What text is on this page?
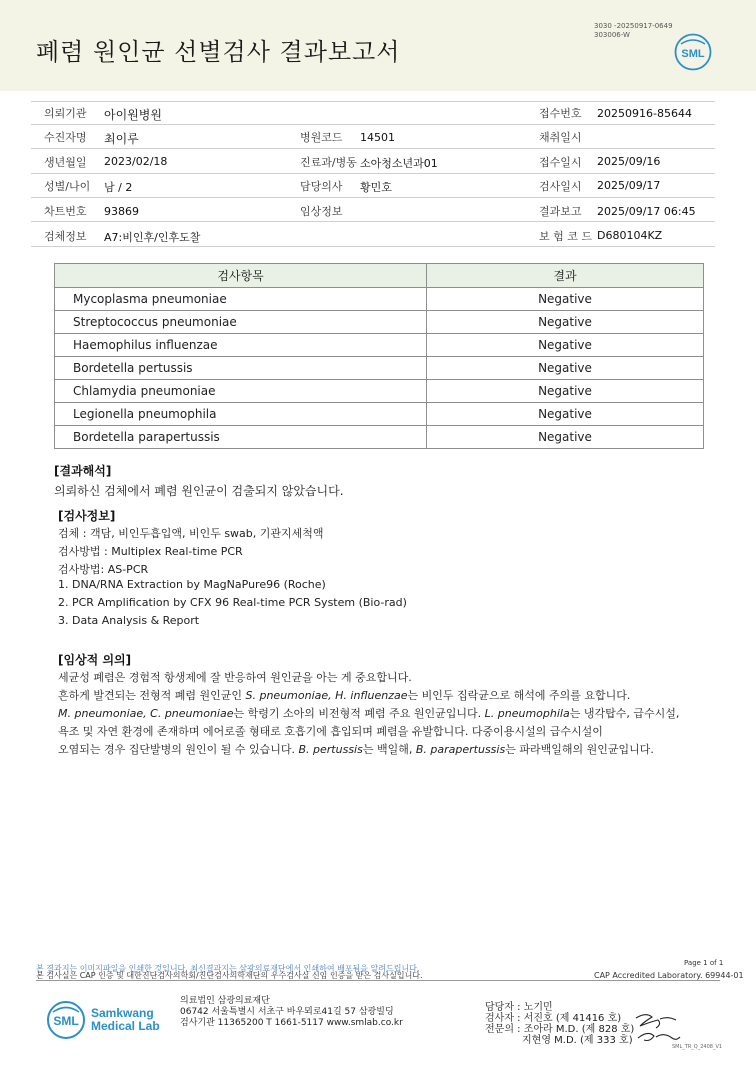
폐렴 원인균 선별검사 결과보고서
3030 -20250917-0649
303006-W
SML
의뢰기관 아이원병원	접수번호 20250916-85644
수진자명 최이루	병원코드 14501	채취일시
생년월일 2023/02/18	진료과/병동 소아청소년과01	접수일시 2025/09/16
성별/나이 남 / 2	담당의사 황민호	검사일시 2025/09/17
차트번호 93869	임상정보	결과보고 2025/09/17 06:45
검체정보 A7:비인후/인후도찰	보 험 코 드 D680104KZ
검사항목	결과
Mycoplasma pneumoniae	Negative
Streptococcus pneumoniae	Negative
Haemophilus influenzae	Negative
Bordetella pertussis	Negative
Chlamydia pneumoniae	Negative
Legionella pneumophila	Negative
Bordetella parapertussis	Negative
[결과해석]
의뢰하신 검체에서 폐렴 원인균이 검출되지 않았습니다.
[검사정보]
검체 : 객담, 비인두흡입액, 비인두 swab, 기관지세척액
검사방법 : Multiplex Real-time PCR
검사방법: AS-PCR
1. DNA/RNA Extraction by MagNaPure96 (Roche)
2. PCR Amplification by CFX 96 Real-time PCR System (Bio-rad)
3. Data Analysis & Report
[임상적 의의]
세균성 폐렴은 경험적 항생제에 잘 반응하여 원인균을 아는 게 중요합니다.
흔하게 발견되는 전형적 폐렴 원인균인 S. pneumoniae, H. influenzae는 비인두 집락균으로 해석에 주의를 요합니다.
M. pneumoniae, C. pneumoniae는 학령기 소아의 비전형적 폐렴 주요 원인균입니다. L. pneumophila는 냉각탑수, 급수시설,
욕조 및 자연 환경에 존재하며 에어로졸 형태로 호흡기에 흡입되며 폐렴을 유발합니다. 다중이용시설의 급수시설이
오염되는 경우 집단발병의 원인이 될 수 있습니다. B. pertussis는 백일해, B. parapertussis는 파라백일해의 원인균입니다.
Page 1 of 1
본 결과지는 이미지파일을 인쇄한 것입니다. 최신결과지는 삼광의료재단에서 인쇄하여 배포됨을 알려드립니다.
본 검사실은 CAP 인증 및 대한진단검사의학회/진단검사의학재단의 우수검사실 신임 인증을 받은 검사실입니다.	CAP Accredited Laboratory. 69944-01
SML
Samkwang
Medical Lab
의료법인 삼광의료재단
06742 서울특별시 서초구 바우뫼로41길 57 삼광빌딩
검사기관 11365200 T 1661-5117 www.smlab.co.kr
담당자 : 노기민
검사자 : 서진호 (제 41416 호)
전문의 : 조아라 M.D. (제 828 호)
지현영 M.D. (제 333 호)
SML_TR_Q_2408_V1
